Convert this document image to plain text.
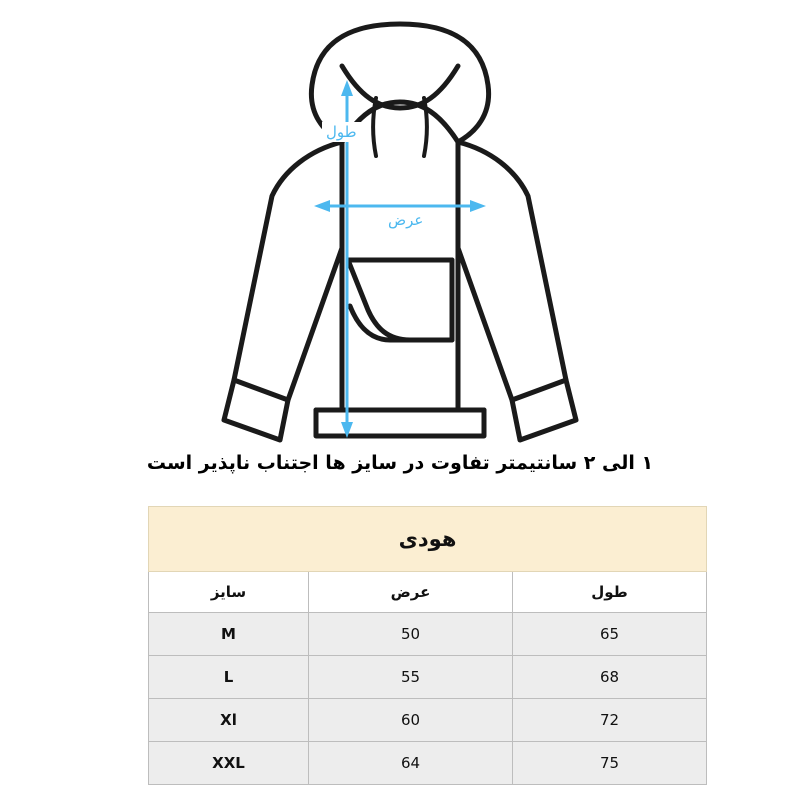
طول
عرض
۱ الی ۲ سانتیمتر تفاوت در سایز ها اجتناب ناپذیر است
هودی		
طول	عرض	سایز
65	50	M
68	55	L
72	60	Xl
75	64	XXL
